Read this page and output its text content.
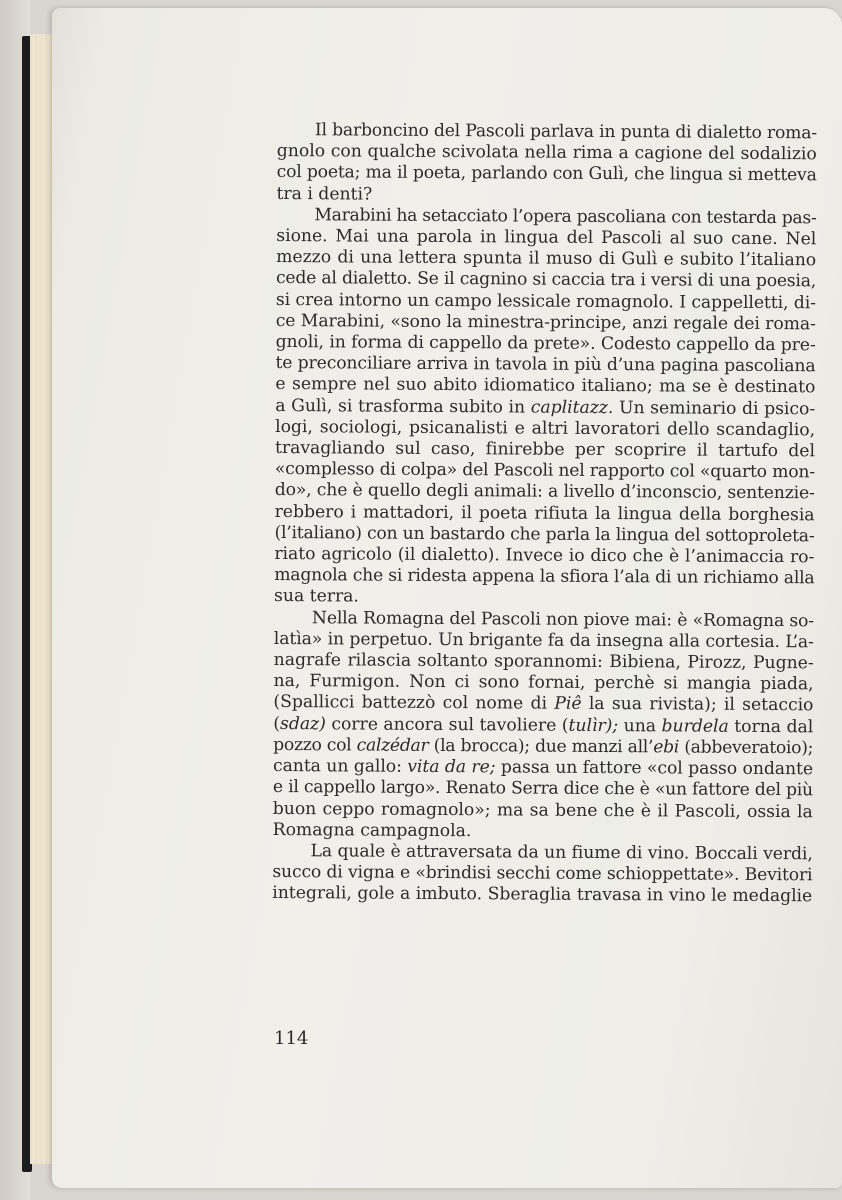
Il barboncino del Pascoli parlava in punta di dialetto roma-
gnolo con qualche scivolata nella rima a cagione del sodalizio
col poeta; ma il poeta, parlando con Gulì, che lingua si metteva
tra i denti?
Marabini ha setacciato l’opera pascoliana con testarda pas-
sione. Mai una parola in lingua del Pascoli al suo cane. Nel
mezzo di una lettera spunta il muso di Gulì e subito l’italiano
cede al dialetto. Se il cagnino si caccia tra i versi di una poesia,
si crea intorno un campo lessicale romagnolo. I cappelletti, di-
ce Marabini, «sono la minestra-principe, anzi regale dei roma-
gnoli, in forma di cappello da prete». Codesto cappello da pre-
te preconciliare arriva in tavola in più d’una pagina pascoliana
e sempre nel suo abito idiomatico italiano; ma se è destinato
a Gulì, si trasforma subito in caplitazz. Un seminario di psico-
logi, sociologi, psicanalisti e altri lavoratori dello scandaglio,
travagliando sul caso, finirebbe per scoprire il tartufo del
«complesso di colpa» del Pascoli nel rapporto col «quarto mon-
do», che è quello degli animali: a livello d’inconscio, sentenzie-
rebbero i mattadori, il poeta rifiuta la lingua della borghesia
(l’italiano) con un bastardo che parla la lingua del sottoproleta-
riato agricolo (il dialetto). Invece io dico che è l’animaccia ro-
magnola che si ridesta appena la sfiora l’ala di un richiamo alla
sua terra.
Nella Romagna del Pascoli non piove mai: è «Romagna so-
latìa» in perpetuo. Un brigante fa da insegna alla cortesia. L’a-
nagrafe rilascia soltanto sporannomi: Bibiena, Pirozz, Pugne-
na, Furmigon. Non ci sono fornai, perchè si mangia piada,
(Spallicci battezzò col nome di Piê la sua rivista); il setaccio
(sdaz) corre ancora sul tavoliere (tulìr); una burdela torna dal
pozzo col calzédar (la brocca); due manzi all’ebi (abbeveratoio);
canta un gallo: vita da re; passa un fattore «col passo ondante
e il cappello largo». Renato Serra dice che è «un fattore del più
buon ceppo romagnolo»; ma sa bene che è il Pascoli, ossia la
Romagna campagnola.
La quale è attraversata da un fiume di vino. Boccali verdi,
succo di vigna e «brindisi secchi come schioppettate». Bevitori
integrali, gole a imbuto. Sberaglia travasa in vino le medaglie
114
